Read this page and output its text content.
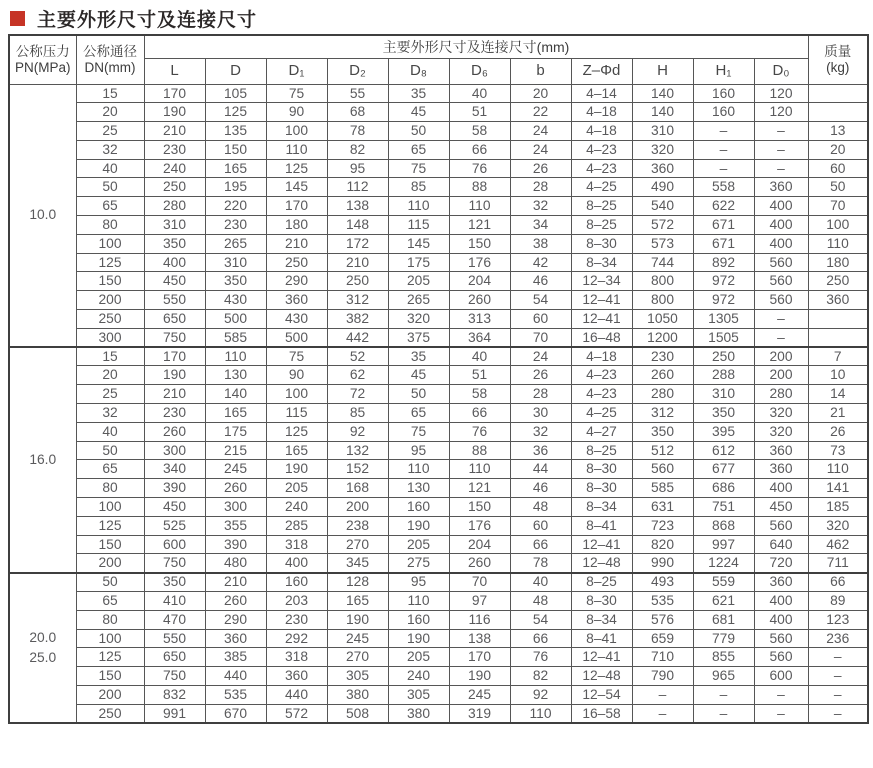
主要外形尺寸及连接尺寸
公称压力
PN(MPa)

公称通径
DN(mm)
	主要外形尺寸及连接尺寸(mm)	质量
(kg)

		L	D	D₁	D₂	D₈	D₆	b	Z–Φd	H	H₁	D₀	

10.0	15	170	105	75	55	35	40	20	4–14	140	160	120	
	20	190	125	90	68	45	51	22	4–18	140	160	120	
	25	210	135	100	78	50	58	24	4–18	310	–	–	13
	32	230	150	110	82	65	66	24	4–23	320	–	–	20
	40	240	165	125	95	75	76	26	4–23	360	–	–	60
	50	250	195	145	112	85	88	28	4–25	490	558	360	50
	65	280	220	170	138	110	110	32	8–25	540	622	400	70
	80	310	230	180	148	115	121	34	8–25	572	671	400	100
	100	350	265	210	172	145	150	38	8–30	573	671	400	110
	125	400	310	250	210	175	176	42	8–34	744	892	560	180
	150	450	350	290	250	205	204	46	12–34	800	972	560	250
	200	550	430	360	312	265	260	54	12–41	800	972	560	360
	250	650	500	430	382	320	313	60	12–41	1050	1305	–	
	300	750	585	500	442	375	364	70	16–48	1200	1505	–	

16.0	15	170	110	75	52	35	40	24	4–18	230	250	200	7
	20	190	130	90	62	45	51	26	4–23	260	288	200	10
	25	210	140	100	72	50	58	28	4–23	280	310	280	14
	32	230	165	115	85	65	66	30	4–25	312	350	320	21
	40	260	175	125	92	75	76	32	4–27	350	395	320	26
	50	300	215	165	132	95	88	36	8–25	512	612	360	73
	65	340	245	190	152	110	110	44	8–30	560	677	360	110
	80	390	260	205	168	130	121	46	8–30	585	686	400	141
	100	450	300	240	200	160	150	48	8–34	631	751	450	185
	125	525	355	285	238	190	176	60	8–41	723	868	560	320
	150	600	390	318	270	205	204	66	12–41	820	997	640	462
	200	750	480	400	345	275	260	78	12–48	990	1224	720	711

20.0
25.0	50	350	210	160	128	95	70	40	8–25	493	559	360	66
	65	410	260	203	165	110	97	48	8–30	535	621	400	89
	80	470	290	230	190	160	116	54	8–34	576	681	400	123
	100	550	360	292	245	190	138	66	8–41	659	779	560	236
	125	650	385	318	270	205	170	76	12–41	710	855	560	–
	150	750	440	360	305	240	190	82	12–48	790	965	600	–
	200	832	535	440	380	305	245	92	12–54	–	–	–	–
	250	991	670	572	508	380	319	110	16–58	–	–	–	–
